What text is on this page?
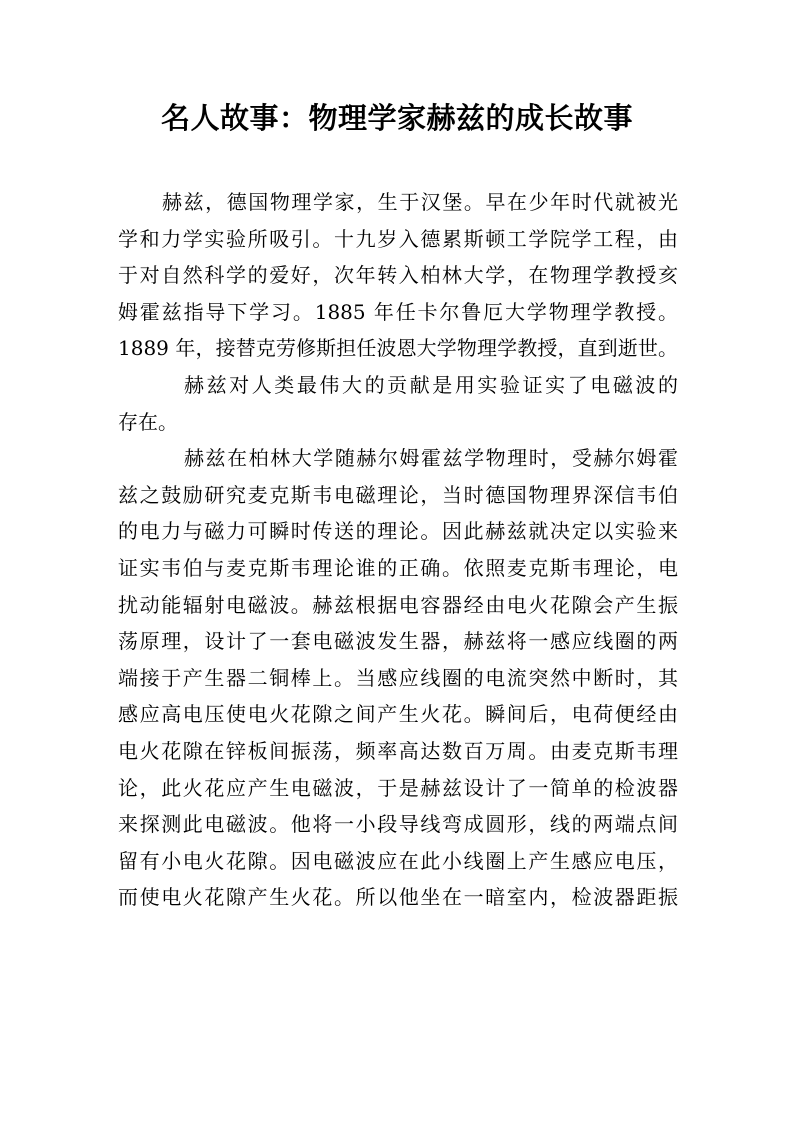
名人故事：物理学家赫兹的成长故事
赫兹，德国物理学家，生于汉堡。早在少年时代就被光
学和力学实验所吸引。十九岁入德累斯顿工学院学工程，由
于对自然科学的爱好，次年转入柏林大学，在物理学教授亥
姆霍兹指导下学习。1885 年任卡尔鲁厄大学物理学教授。
1889 年，接替克劳修斯担任波恩大学物理学教授，直到逝世。
赫兹对人类最伟大的贡献是用实验证实了电磁波的
存在。
赫兹在柏林大学随赫尔姆霍兹学物理时，受赫尔姆霍
兹之鼓励研究麦克斯韦电磁理论，当时德国物理界深信韦伯
的电力与磁力可瞬时传送的理论。因此赫兹就决定以实验来
证实韦伯与麦克斯韦理论谁的正确。依照麦克斯韦理论，电
扰动能辐射电磁波。赫兹根据电容器经由电火花隙会产生振
荡原理，设计了一套电磁波发生器，赫兹将一感应线圈的两
端接于产生器二铜棒上。当感应线圈的电流突然中断时，其
感应高电压使电火花隙之间产生火花。瞬间后，电荷便经由
电火花隙在锌板间振荡，频率高达数百万周。由麦克斯韦理
论，此火花应产生电磁波，于是赫兹设计了一简单的检波器
来探测此电磁波。他将一小段导线弯成圆形，线的两端点间
留有小电火花隙。因电磁波应在此小线圈上产生感应电压，
而使电火花隙产生火花。所以他坐在一暗室内，检波器距振
